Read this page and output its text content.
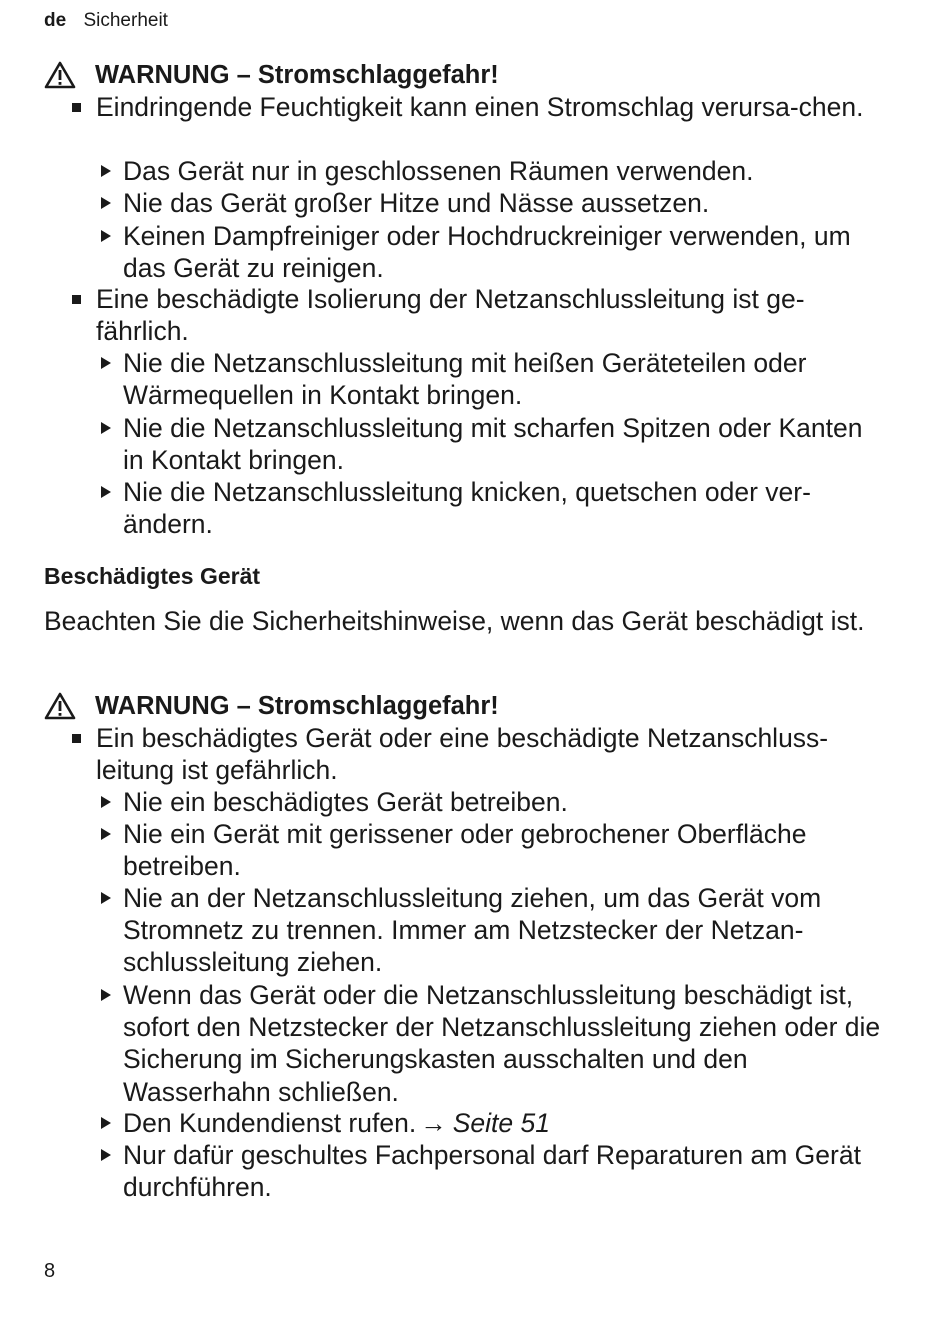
de Sicherheit
WARNUNG – Stromschlaggefahr!
Eindringende Feuchtigkeit kann einen Stromschlag verursa-chen.
Das Gerät nur in geschlossenen Räumen verwenden.
Nie das Gerät großer Hitze und Nässe aussetzen.
Keinen Dampfreiniger oder Hochdruckreiniger verwenden, um das Gerät zu reinigen.
Eine beschädigte Isolierung der Netzanschlussleitung ist ge-fährlich.
Nie die Netzanschlussleitung mit heißen Geräteteilen oder Wärmequellen in Kontakt bringen.
Nie die Netzanschlussleitung mit scharfen Spitzen oder Kanten in Kontakt bringen.
Nie die Netzanschlussleitung knicken, quetschen oder ver-ändern.
Beschädigtes Gerät
Beachten Sie die Sicherheitshinweise, wenn das Gerät beschädigt ist.
WARNUNG – Stromschlaggefahr!
Ein beschädigtes Gerät oder eine beschädigte Netzanschluss-leitung ist gefährlich.
Nie ein beschädigtes Gerät betreiben.
Nie ein Gerät mit gerissener oder gebrochener Oberfläche betreiben.
Nie an der Netzanschlussleitung ziehen, um das Gerät vom Stromnetz zu trennen. Immer am Netzstecker der Netzan-schlussleitung ziehen.
Wenn das Gerät oder die Netzanschlussleitung beschädigt ist, sofort den Netzstecker der Netzanschlussleitung ziehen oder die Sicherung im Sicherungskasten ausschalten und den Wasserhahn schließen.
Den Kundendienst rufen. → Seite 51
Nur dafür geschultes Fachpersonal darf Reparaturen am Gerät durchführen.
8
